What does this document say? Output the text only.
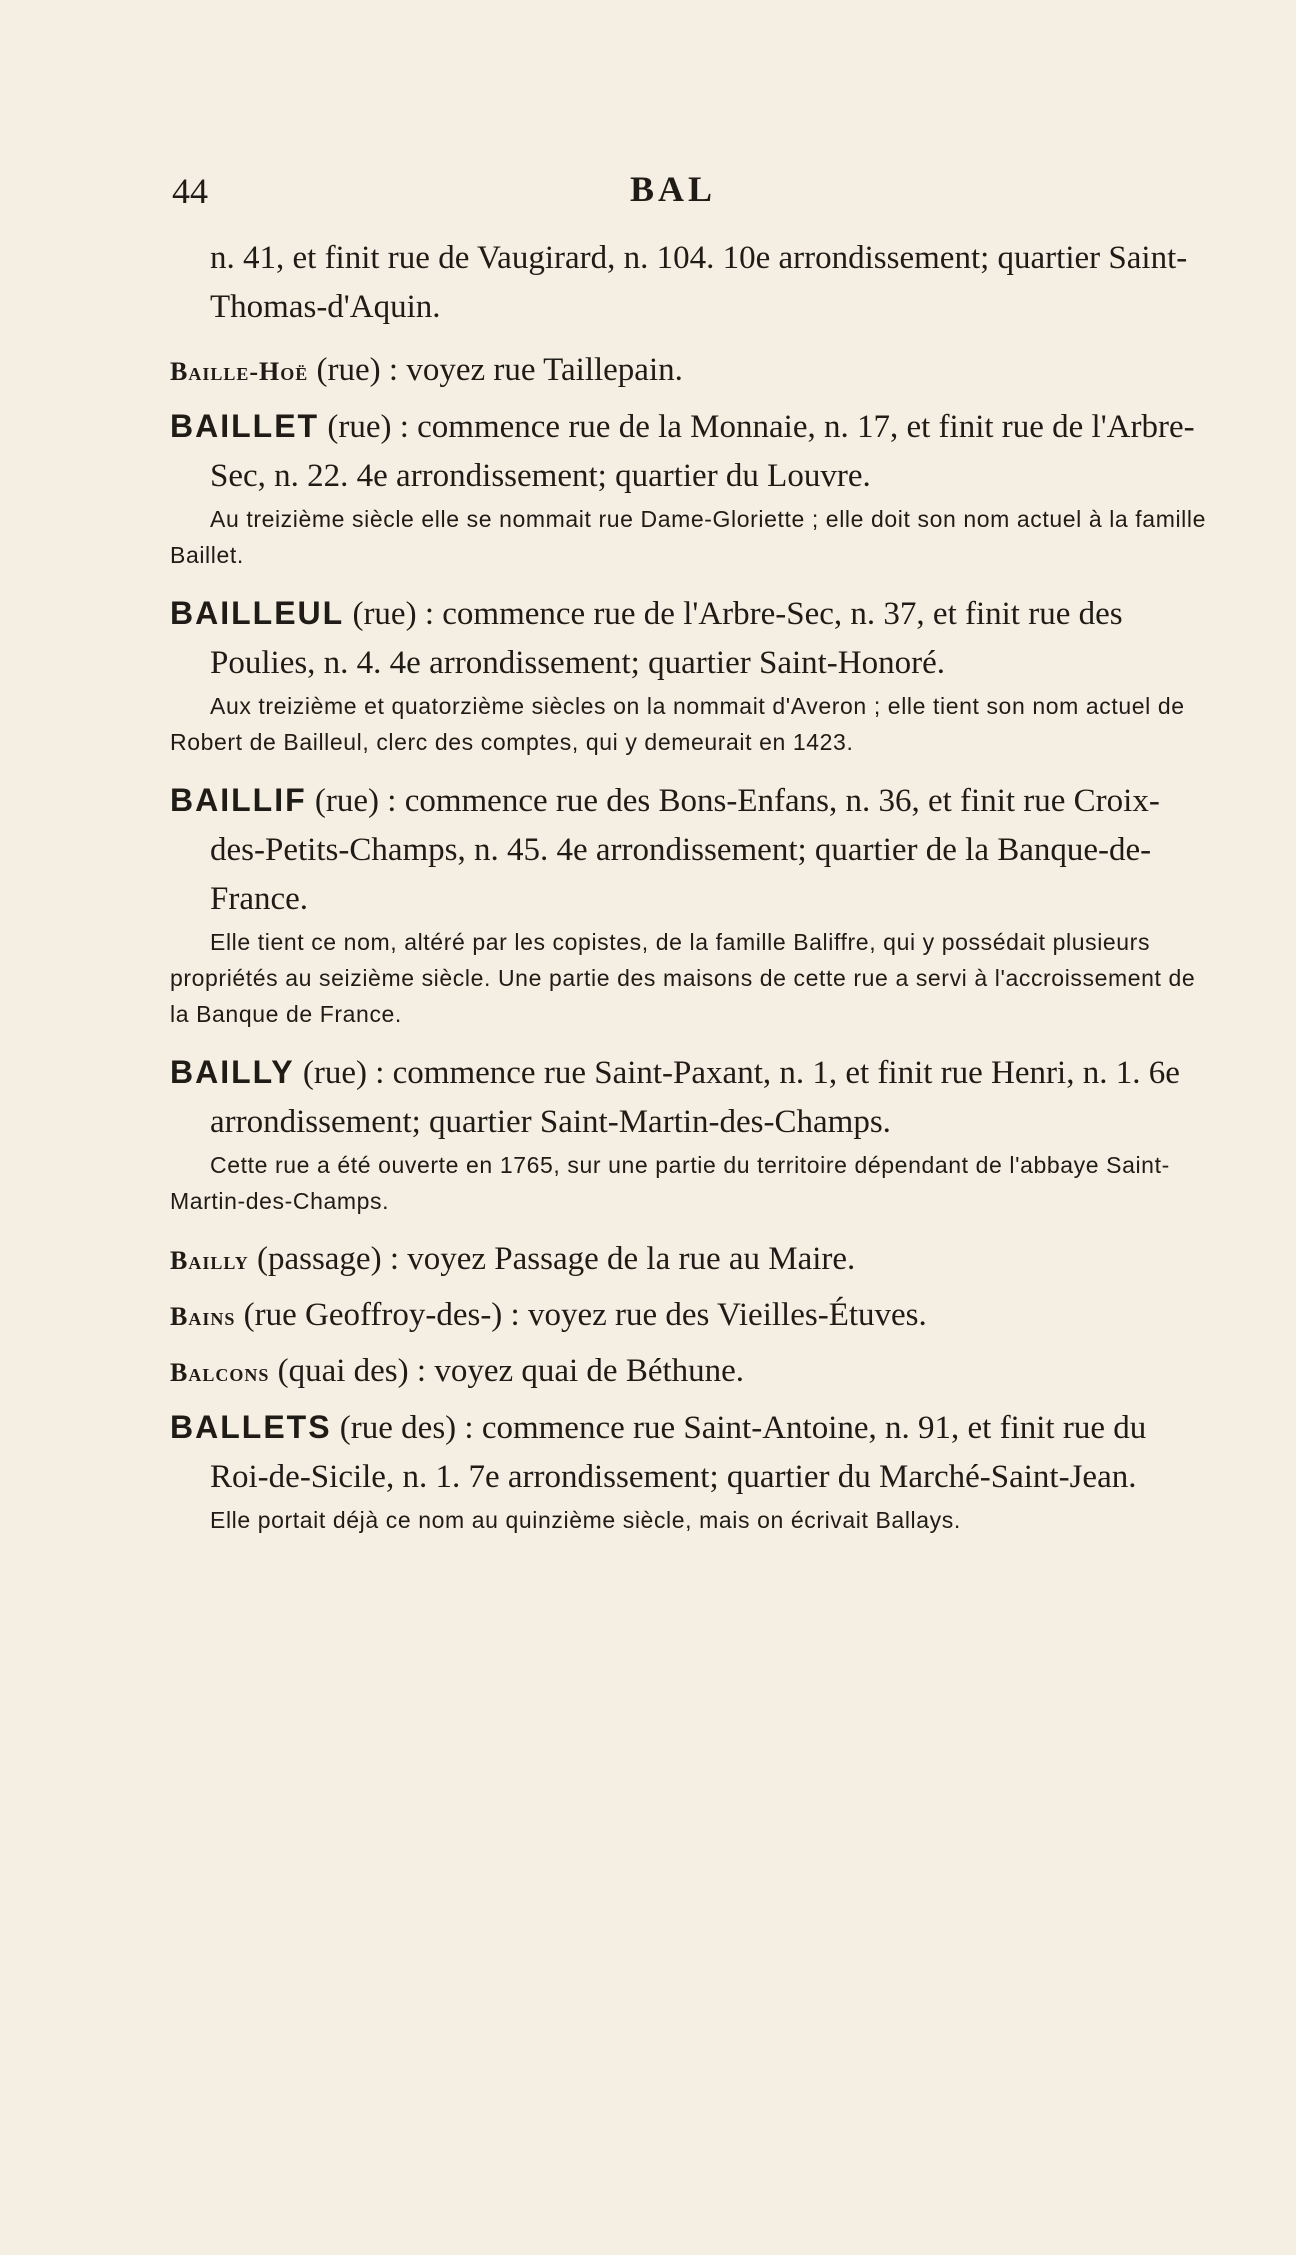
44	BAL

n. 41, et finit rue de Vaugirard, n. 104. 10e arrondissement; quartier Saint-Thomas-d'Aquin.

Baille-Hoë (rue) : voyez rue Taillepain.

BAILLET (rue) : commence rue de la Monnaie, n. 17, et finit rue de l'Arbre-Sec, n. 22. 4e arrondissement; quartier du Louvre.

Au treizième siècle elle se nommait rue Dame-Gloriette ; elle doit son nom actuel à la famille Baillet.

BAILLEUL (rue) : commence rue de l'Arbre-Sec, n. 37, et finit rue des Poulies, n. 4. 4e arrondissement; quartier Saint-Honoré.

Aux treizième et quatorzième siècles on la nommait d'Averon ; elle tient son nom actuel de Robert de Bailleul, clerc des comptes, qui y demeurait en 1423.

BAILLIF (rue) : commence rue des Bons-Enfans, n. 36, et finit rue Croix-des-Petits-Champs, n. 45. 4e arrondissement; quartier de la Banque-de-France.

Elle tient ce nom, altéré par les copistes, de la famille Baliffre, qui y possédait plusieurs propriétés au seizième siècle. Une partie des maisons de cette rue a servi à l'accroissement de la Banque de France.

BAILLY (rue) : commence rue Saint-Paxant, n. 1, et finit rue Henri, n. 1. 6e arrondissement; quartier Saint-Martin-des-Champs.

Cette rue a été ouverte en 1765, sur une partie du territoire dépendant de l'abbaye Saint-Martin-des-Champs.

Bailly (passage) : voyez Passage de la rue au Maire.

Bains (rue Geoffroy-des-) : voyez rue des Vieilles-Étuves.

Balcons (quai des) : voyez quai de Béthune.

BALLETS (rue des) : commence rue Saint-Antoine, n. 91, et finit rue du Roi-de-Sicile, n. 1. 7e arrondissement; quartier du Marché-Saint-Jean.

Elle portait déjà ce nom au quinzième siècle, mais on écrivait Ballays.
